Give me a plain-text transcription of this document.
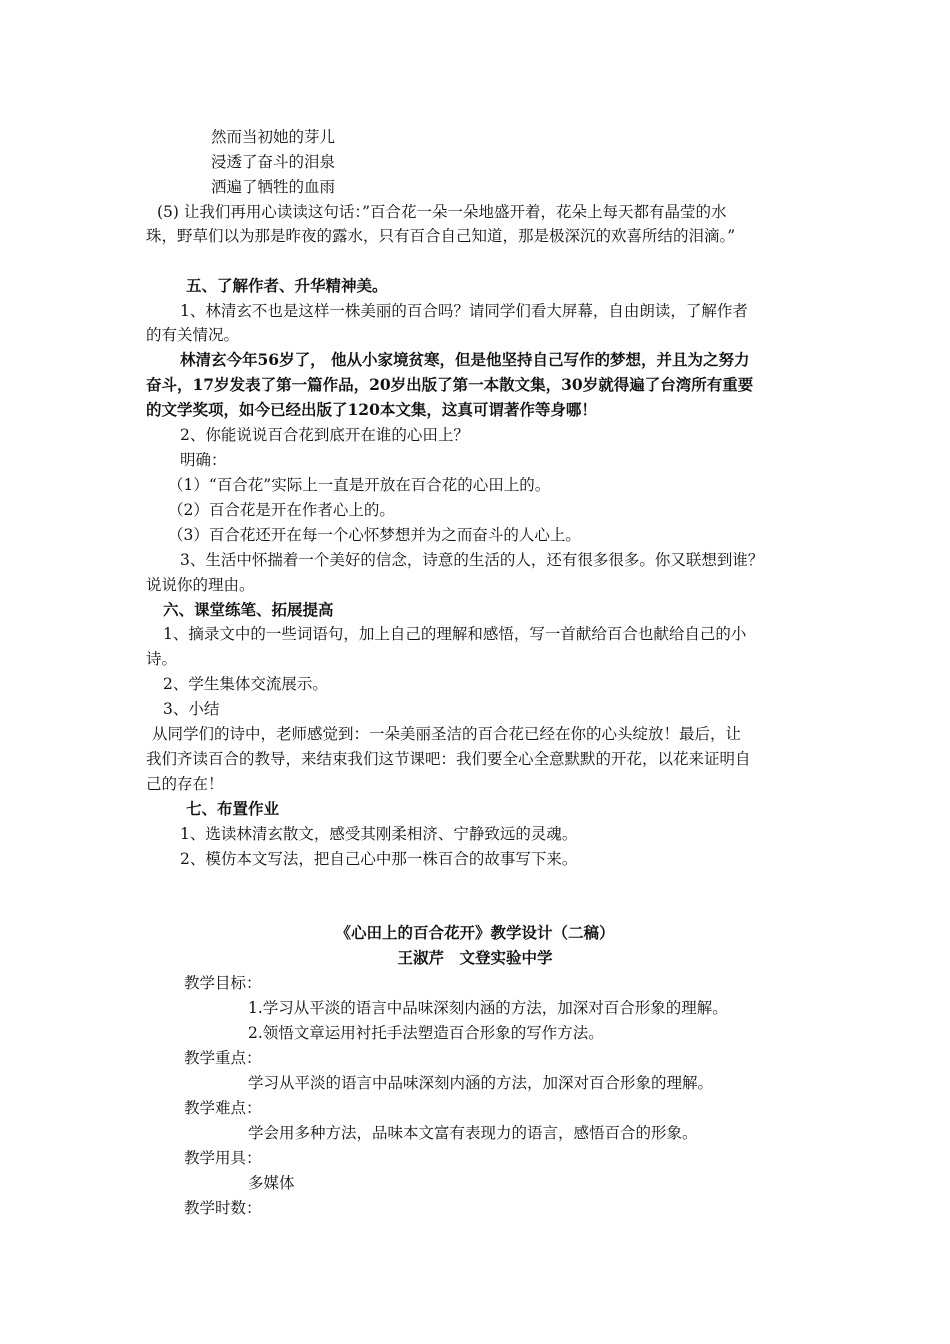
然而当初她的芽儿

浸透了奋斗的泪泉

洒遍了牺牲的血雨

(5) 让我们再用心读读这句话：”百合花一朵一朵地盛开着，花朵上每天都有晶莹的水

珠，野草们以为那是昨夜的露水，只有百合自己知道，那是极深沉的欢喜所结的泪滴。”

五、了解作者、升华精神美。

1、林清玄不也是这样一株美丽的百合吗？请同学们看大屏幕，自由朗读，了解作者

的有关情况。

林清玄今年56岁了， 他从小家境贫寒，但是他坚持自己写作的梦想，并且为之努力

奋斗，17岁发表了第一篇作品，20岁出版了第一本散文集，30岁就得遍了台湾所有重要

的文学奖项，如今已经出版了120本文集，这真可谓著作等身哪！

2、你能说说百合花到底开在谁的心田上？

明确：

（1）“百合花”实际上一直是开放在百合花的心田上的。

（2）百合花是开在作者心上的。

（3）百合花还开在每一个心怀梦想并为之而奋斗的人心上。

3、生活中怀揣着一个美好的信念，诗意的生活的人，还有很多很多。你又联想到谁？

说说你的理由。

六、课堂练笔、拓展提高

1、摘录文中的一些词语句，加上自己的理解和感悟，写一首献给百合也献给自己的小

诗。

2、学生集体交流展示。

3、小结

从同学们的诗中，老师感觉到：一朵美丽圣洁的百合花已经在你的心头绽放！最后，让

我们齐读百合的教导，来结束我们这节课吧：我们要全心全意默默的开花，以花来证明自

己的存在！

七、布置作业

1、选读林清玄散文，感受其刚柔相济、宁静致远的灵魂。

2、模仿本文写法，把自己心中那一株百合的故事写下来。

《心田上的百合花开》教学设计（二稿）

王淑芹　文登实验中学

教学目标：

1.学习从平淡的语言中品味深刻内涵的方法，加深对百合形象的理解。

2.领悟文章运用衬托手法塑造百合形象的写作方法。

教学重点：

学习从平淡的语言中品味深刻内涵的方法，加深对百合形象的理解。

教学难点：

学会用多种方法，品味本文富有表现力的语言，感悟百合的形象。

教学用具：

多媒体

教学时数：
